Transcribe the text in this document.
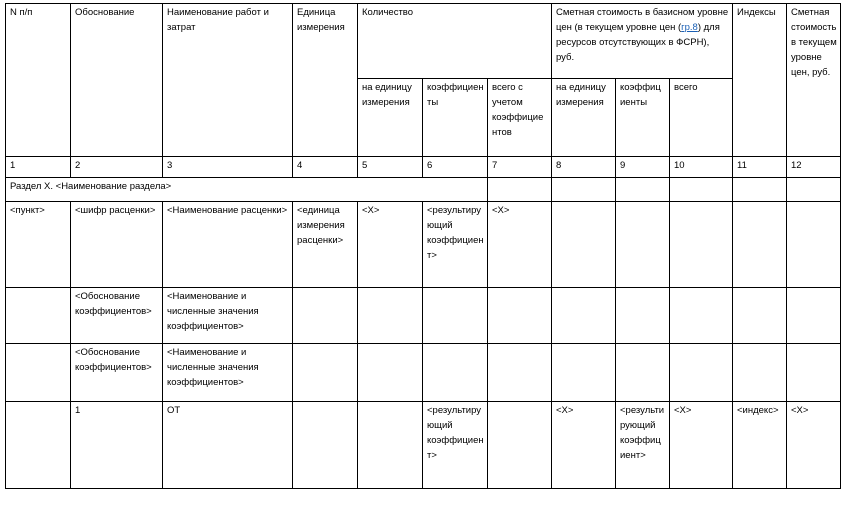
N п/п	Обоснование	Наименование работ и затрат	Единица измерения	Количество			Сметная стоимость в базисном уровне цен (в текущем уровне цен (гр.8) для ресурсов отсутствующих в ФСРН), руб.			Индексы	Сметная стоимость в текущем уровне цен, руб.
				на единицу измерения	коэффициенты	всего с учетом коэффициентов	на единицу измерения	коэффициенты	всего		
1	2	3	4	5	6	7	8	9	10	11	12
Раздел X. <Наименование раздела>											
<пункт>	<шифр расценки>	<Наименование расценки>	<единица измерения расценки>	<X>	<результирующий коэффициент>	<X>					
	<Обоснование коэффициентов>	<Наименование и численные значения коэффициентов>									
	<Обоснование коэффициентов>	<Наименование и численные значения коэффициентов>									
	1	ОТ			<результирующий коэффициент>		<X>	<результирующий коэффициент>	<X>	<индекс>	<X>
